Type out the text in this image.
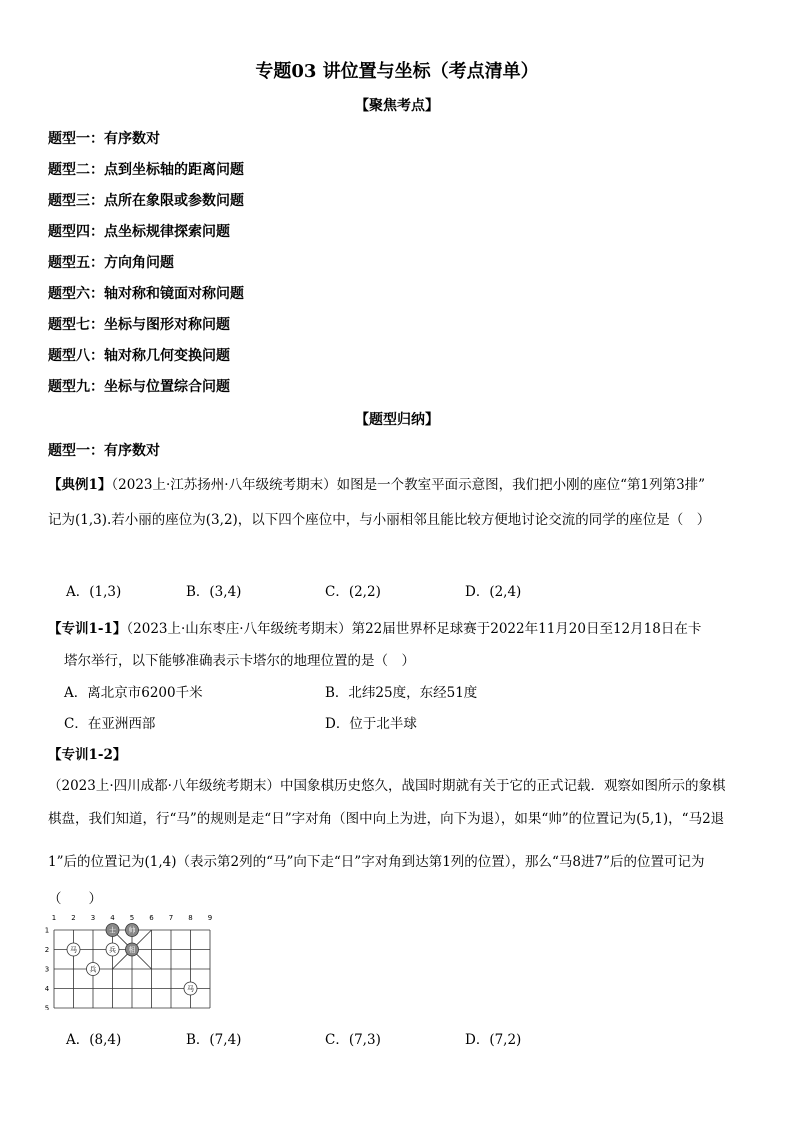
专题03 讲位置与坐标（考点清单）
【聚焦考点】
题型一：有序数对
题型二：点到坐标轴的距离问题
题型三：点所在象限或参数问题
题型四：点坐标规律探索问题
题型五：方向角问题
题型六：轴对称和镜面对称问题
题型七：坐标与图形对称问题
题型八：轴对称几何变换问题
题型九：坐标与位置综合问题
【题型归纳】
题型一：有序数对
【典例1】（2023上·江苏扬州·八年级统考期末）如图是一个教室平面示意图，我们把小刚的座位“第1列第3排”
记为(1,3).若小丽的座位为(3,2)，以下四个座位中，与小丽相邻且能比较方便地讨论交流的同学的座位是（　）
A．(1,3)	B．(3,4)	C．(2,2)	D．(2,4)
【专训1-1】（2023上·山东枣庄·八年级统考期末）第22届世界杯足球赛于2022年11月20日至12月18日在卡
塔尔举行，以下能够准确表示卡塔尔的地理位置的是（　）
A．离北京市6200千米	B．北纬25度，东经51度
C．在亚洲西部	D．位于北半球
【专训1-2】
（2023上·四川成都·八年级统考期末）中国象棋历史悠久，战国时期就有关于它的正式记载．观察如图所示的象棋
棋盘，我们知道，行“马”的规则是走“日”字对角（图中向上为进，向下为退），如果“帅”的位置记为(5,1)，“马2退
1”后的位置记为(1,4)（表示第2列的“马”向下走“日”字对角到达第1列的位置），那么“马8进7”后的位置可记为
（　　）
1 2 3 4 5 6 7 8 9
1
2
3
4
5
士 帅
马	兵 相
兵
马
A．(8,4)	B．(7,4)	C．(7,3)	D．(7,2)
